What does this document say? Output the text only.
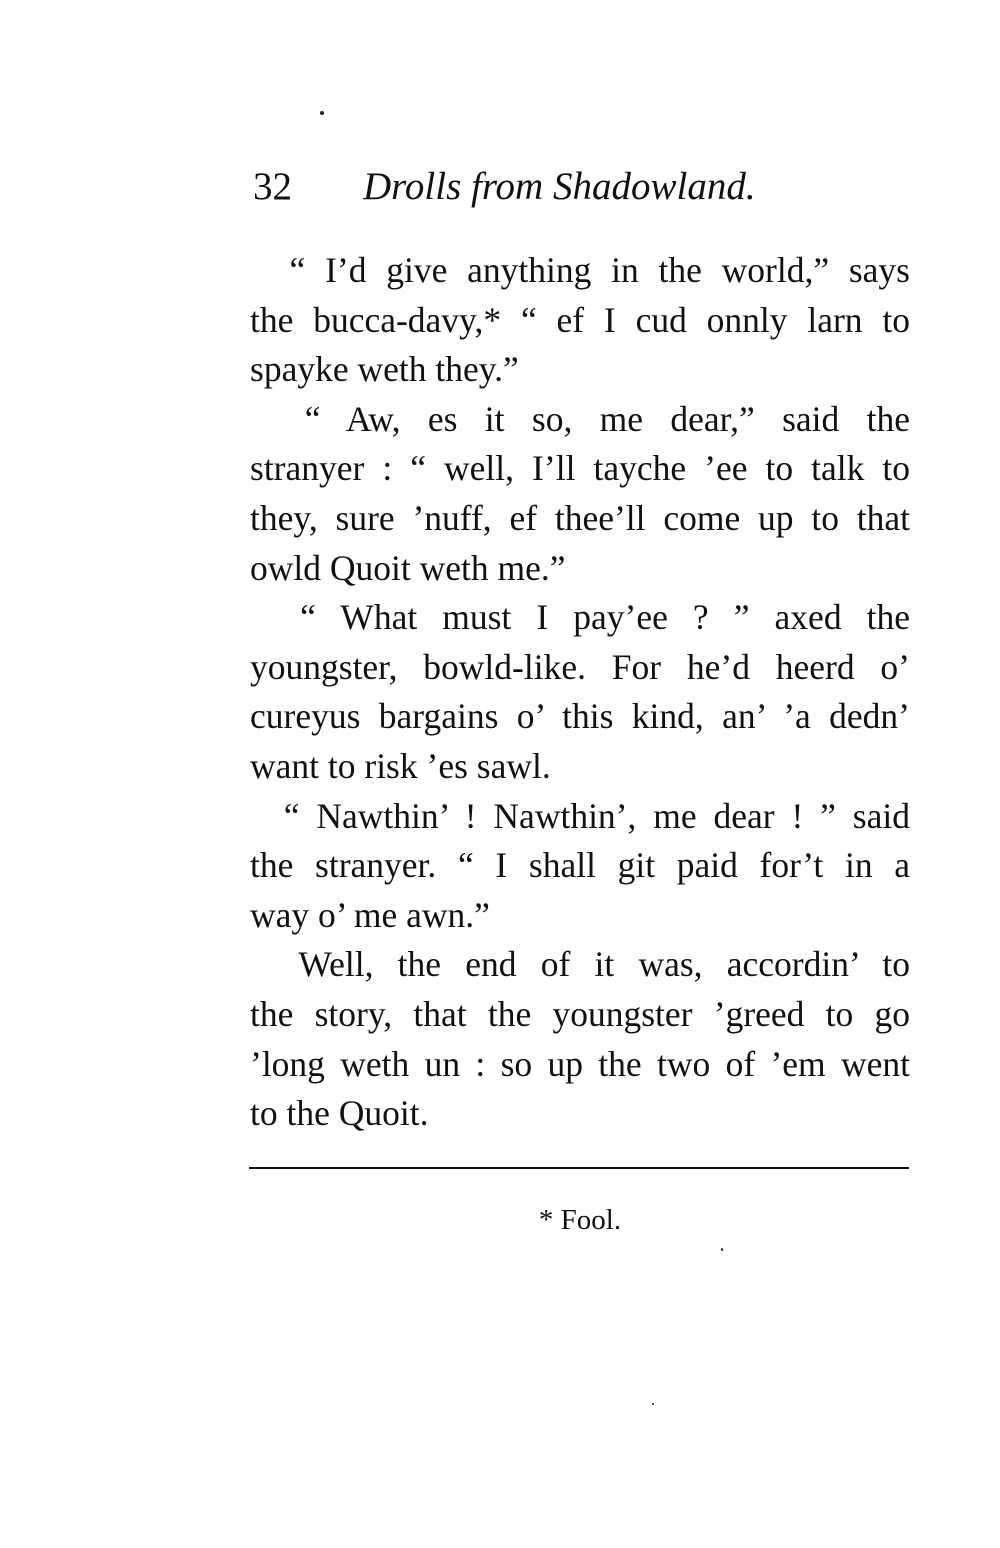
32 Drolls from Shadowland.
“ I’d give anything in the world,” says
the bucca-davy,* “ ef I cud onnly larn to
spayke weth they.”
“ Aw, es it so, me dear,” said the
stranyer : “ well, I’ll tayche ’ee to talk to
they, sure ’nuff, ef thee’ll come up to that
owld Quoit weth me.”
“ What must I pay’ee ? ” axed the
youngster, bowld-like. For he’d heerd o’
cureyus bargains o’ this kind, an’ ’a dedn’
want to risk ’es sawl.
“ Nawthin’ ! Nawthin’, me dear ! ” said
the stranyer. “ I shall git paid for’t in a
way o’ me awn.”
Well, the end of it was, accordin’ to
the story, that the youngster ’greed to go
’long weth un : so up the two of ’em went
to the Quoit.
* Fool.
